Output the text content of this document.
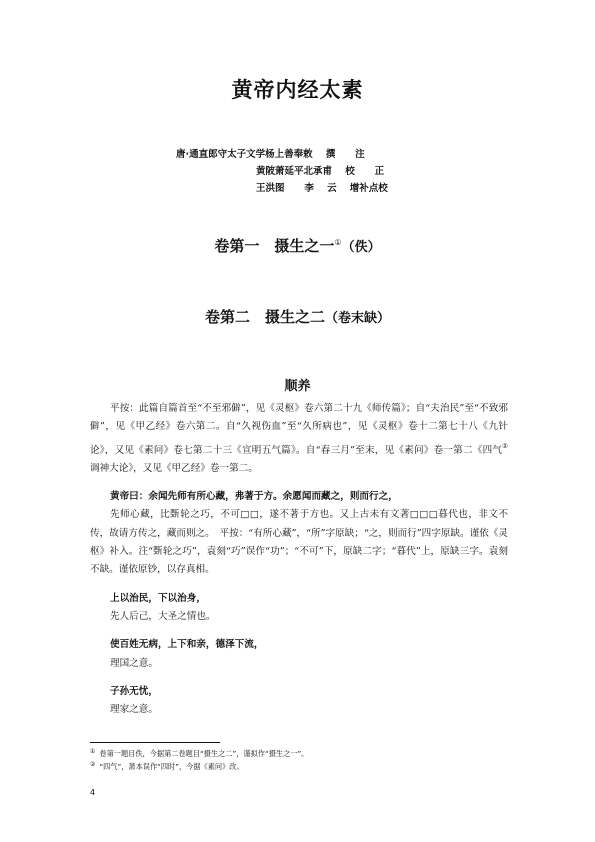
黄帝内经太素
唐·通直郎守太子文学杨上善奉敕    撰      注
黄陂萧延平北承甫    校      正
王洪图      李    云    增补点校
卷第一　摄生之一①（佚）
卷第二　摄生之二（卷末缺）
顺养
平按：此篇自篇首至“不至邪僻”，见《灵枢》卷六第二十九《师传篇》；自“夫治民”至“不致邪僻”，见《甲乙经》卷六第二。自“久视伤血”至“久所病也”，见《灵枢》卷十二第七十八《九针论》，又见《素问》卷七第二十三《宣明五气篇》。自“春三月”至末，见《素问》卷一第二《四气②调神大论》，又见《甲乙经》卷一第二。
黄帝曰：余闻先师有所心藏，弗著于方。余愿闻而藏之，则而行之，
先师心藏，比斲轮之巧，不可□□，遂不著于方也。又上古未有文著□□□暮代也，非文不传，故请方传之，藏而则之。　平按：“有所心藏”，“所”字原缺；“之，则而行”四字原缺。谨依《灵枢》补入。注“斲轮之巧”，袁刻“巧”误作“功”；“不可”下，原缺二字；“暮代”上，原缺三字。袁刻不缺。谨依原钞，以存真相。
上以治民，下以治身，
先人后己，大圣之情也。
使百姓无病，上下和亲，德泽下流，
理国之意。
子孙无忧，
理家之意。
① 卷第一题目佚，今据第二卷题目“摄生之二”，谨拟作“摄生之一”。
② “四气”，萧本误作“四时”，今据《素问》改。
4
